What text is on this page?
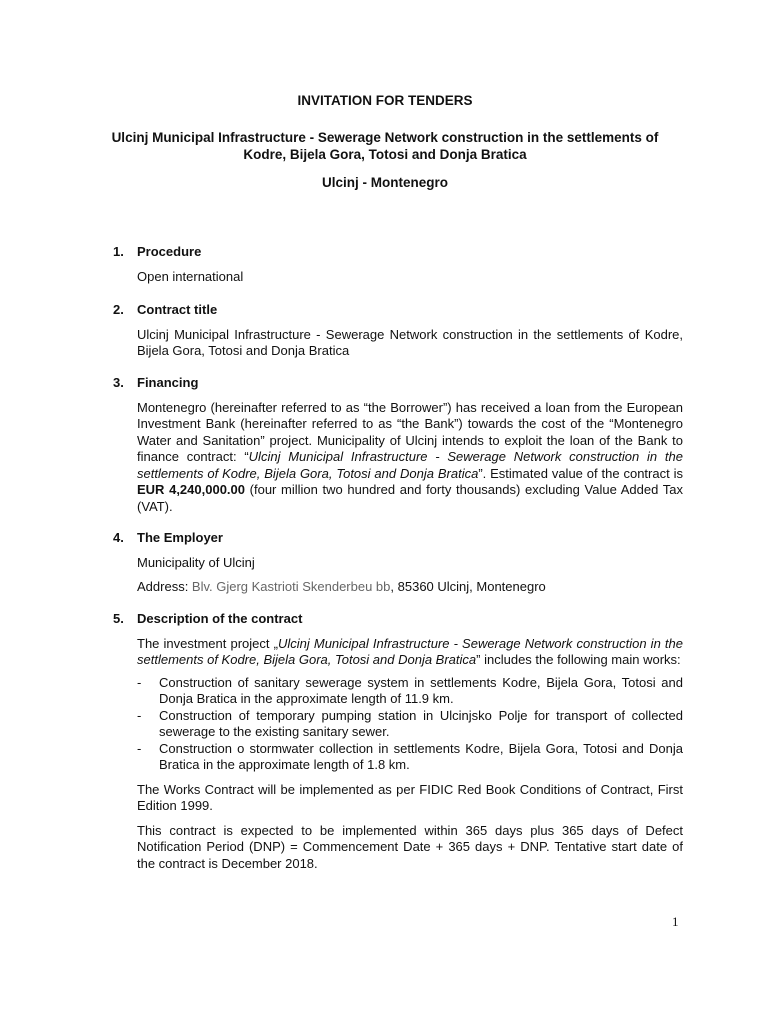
INVITATION FOR TENDERS
Ulcinj Municipal Infrastructure - Sewerage Network construction in the settlements of Kodre, Bijela Gora, Totosi and Donja Bratica
Ulcinj - Montenegro
1.	Procedure

Open international

2.	Contract title

Ulcinj Municipal Infrastructure - Sewerage Network construction in the settlements of Kodre, Bijela Gora, Totosi and Donja Bratica

3.	Financing

Montenegro (hereinafter referred to as “the Borrower”) has received a loan from the European Investment Bank (hereinafter referred to as “the Bank”) towards the cost of the “Montenegro Water and Sanitation” project. Municipality of Ulcinj intends to exploit the loan of the Bank to finance contract: “Ulcinj Municipal Infrastructure - Sewerage Network construction in the settlements of Kodre, Bijela Gora, Totosi and Donja Bratica”. Estimated value of the contract is EUR 4,240,000.00 (four million two hundred and forty thousands) excluding Value Added Tax (VAT).

4.	The Employer

Municipality of Ulcinj

Address: Blv. Gjerg Kastrioti Skenderbeu bb, 85360 Ulcinj, Montenegro

5.	Description of the contract

The investment project „Ulcinj Municipal Infrastructure - Sewerage Network construction in the settlements of Kodre, Bijela Gora, Totosi and Donja Bratica” includes the following main works:

-	Construction of sanitary sewerage system in settlements Kodre, Bijela Gora, Totosi and Donja Bratica in the approximate length of 11.9 km.
-	Construction of temporary pumping station in Ulcinjsko Polje for transport of collected sewerage to the existing sanitary sewer.
-	Construction o stormwater collection in settlements Kodre, Bijela Gora, Totosi and Donja Bratica in the approximate length of 1.8 km.

The Works Contract will be implemented as per FIDIC Red Book Conditions of Contract, First Edition 1999.

This contract is expected to be implemented within 365 days plus 365 days of Defect Notification Period (DNP) = Commencement Date + 365 days + DNP. Tentative start date of the contract is December 2018.

1
